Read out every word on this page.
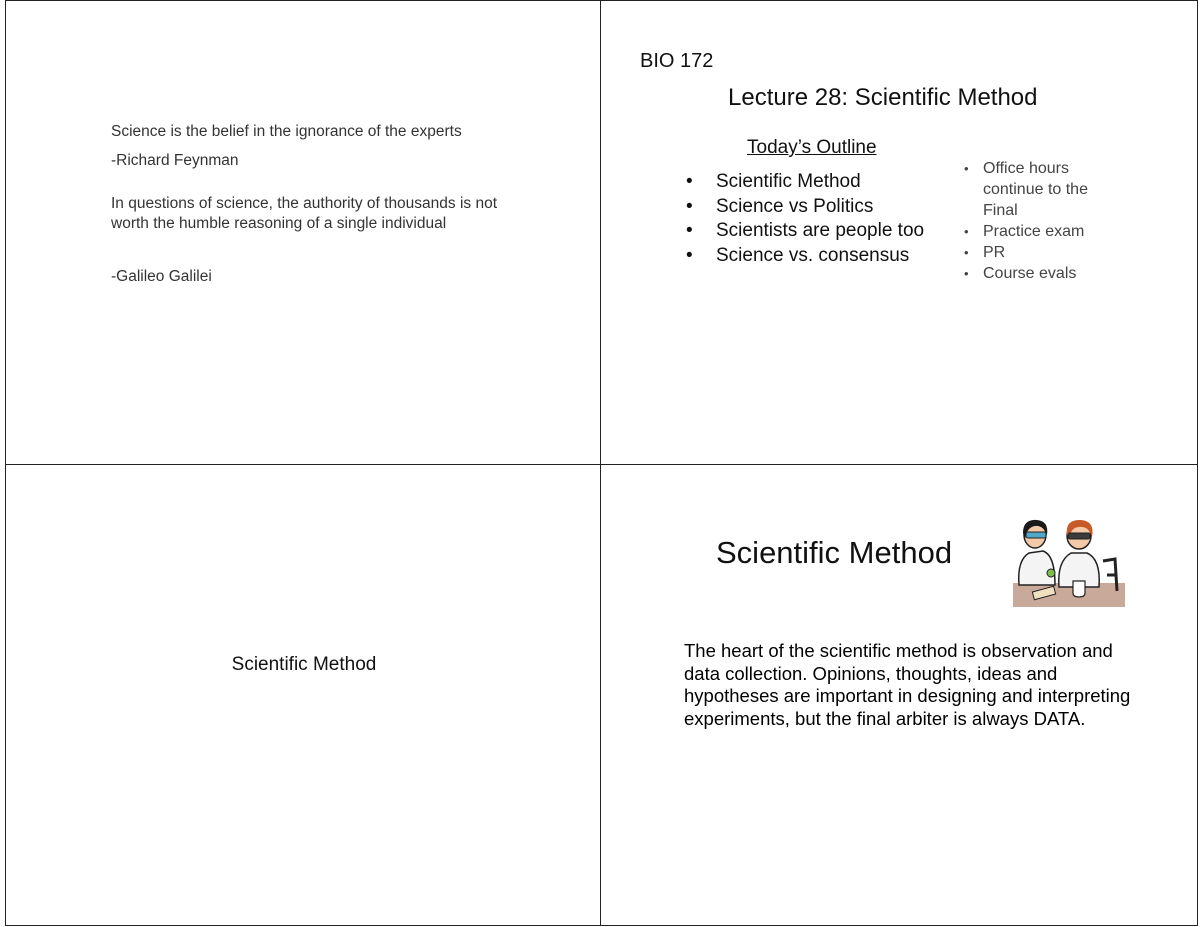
Science is the belief in the ignorance of the experts
-Richard Feynman
In questions of science, the authority of thousands is not worth the humble reasoning of a single individual
-Galileo Galilei
BIO 172
Lecture 28: Scientific Method
Today’s Outline
• Scientific Method
• Science vs Politics
• Scientists are people too
• Science vs. consensus
• Office hours continue to the Final
• Practice exam
• PR
• Course evals
Scientific Method
Scientific Method
The heart of the scientific method is observation and data collection. Opinions, thoughts, ideas and hypotheses are important in designing and interpreting experiments, but the final arbiter is always DATA.
